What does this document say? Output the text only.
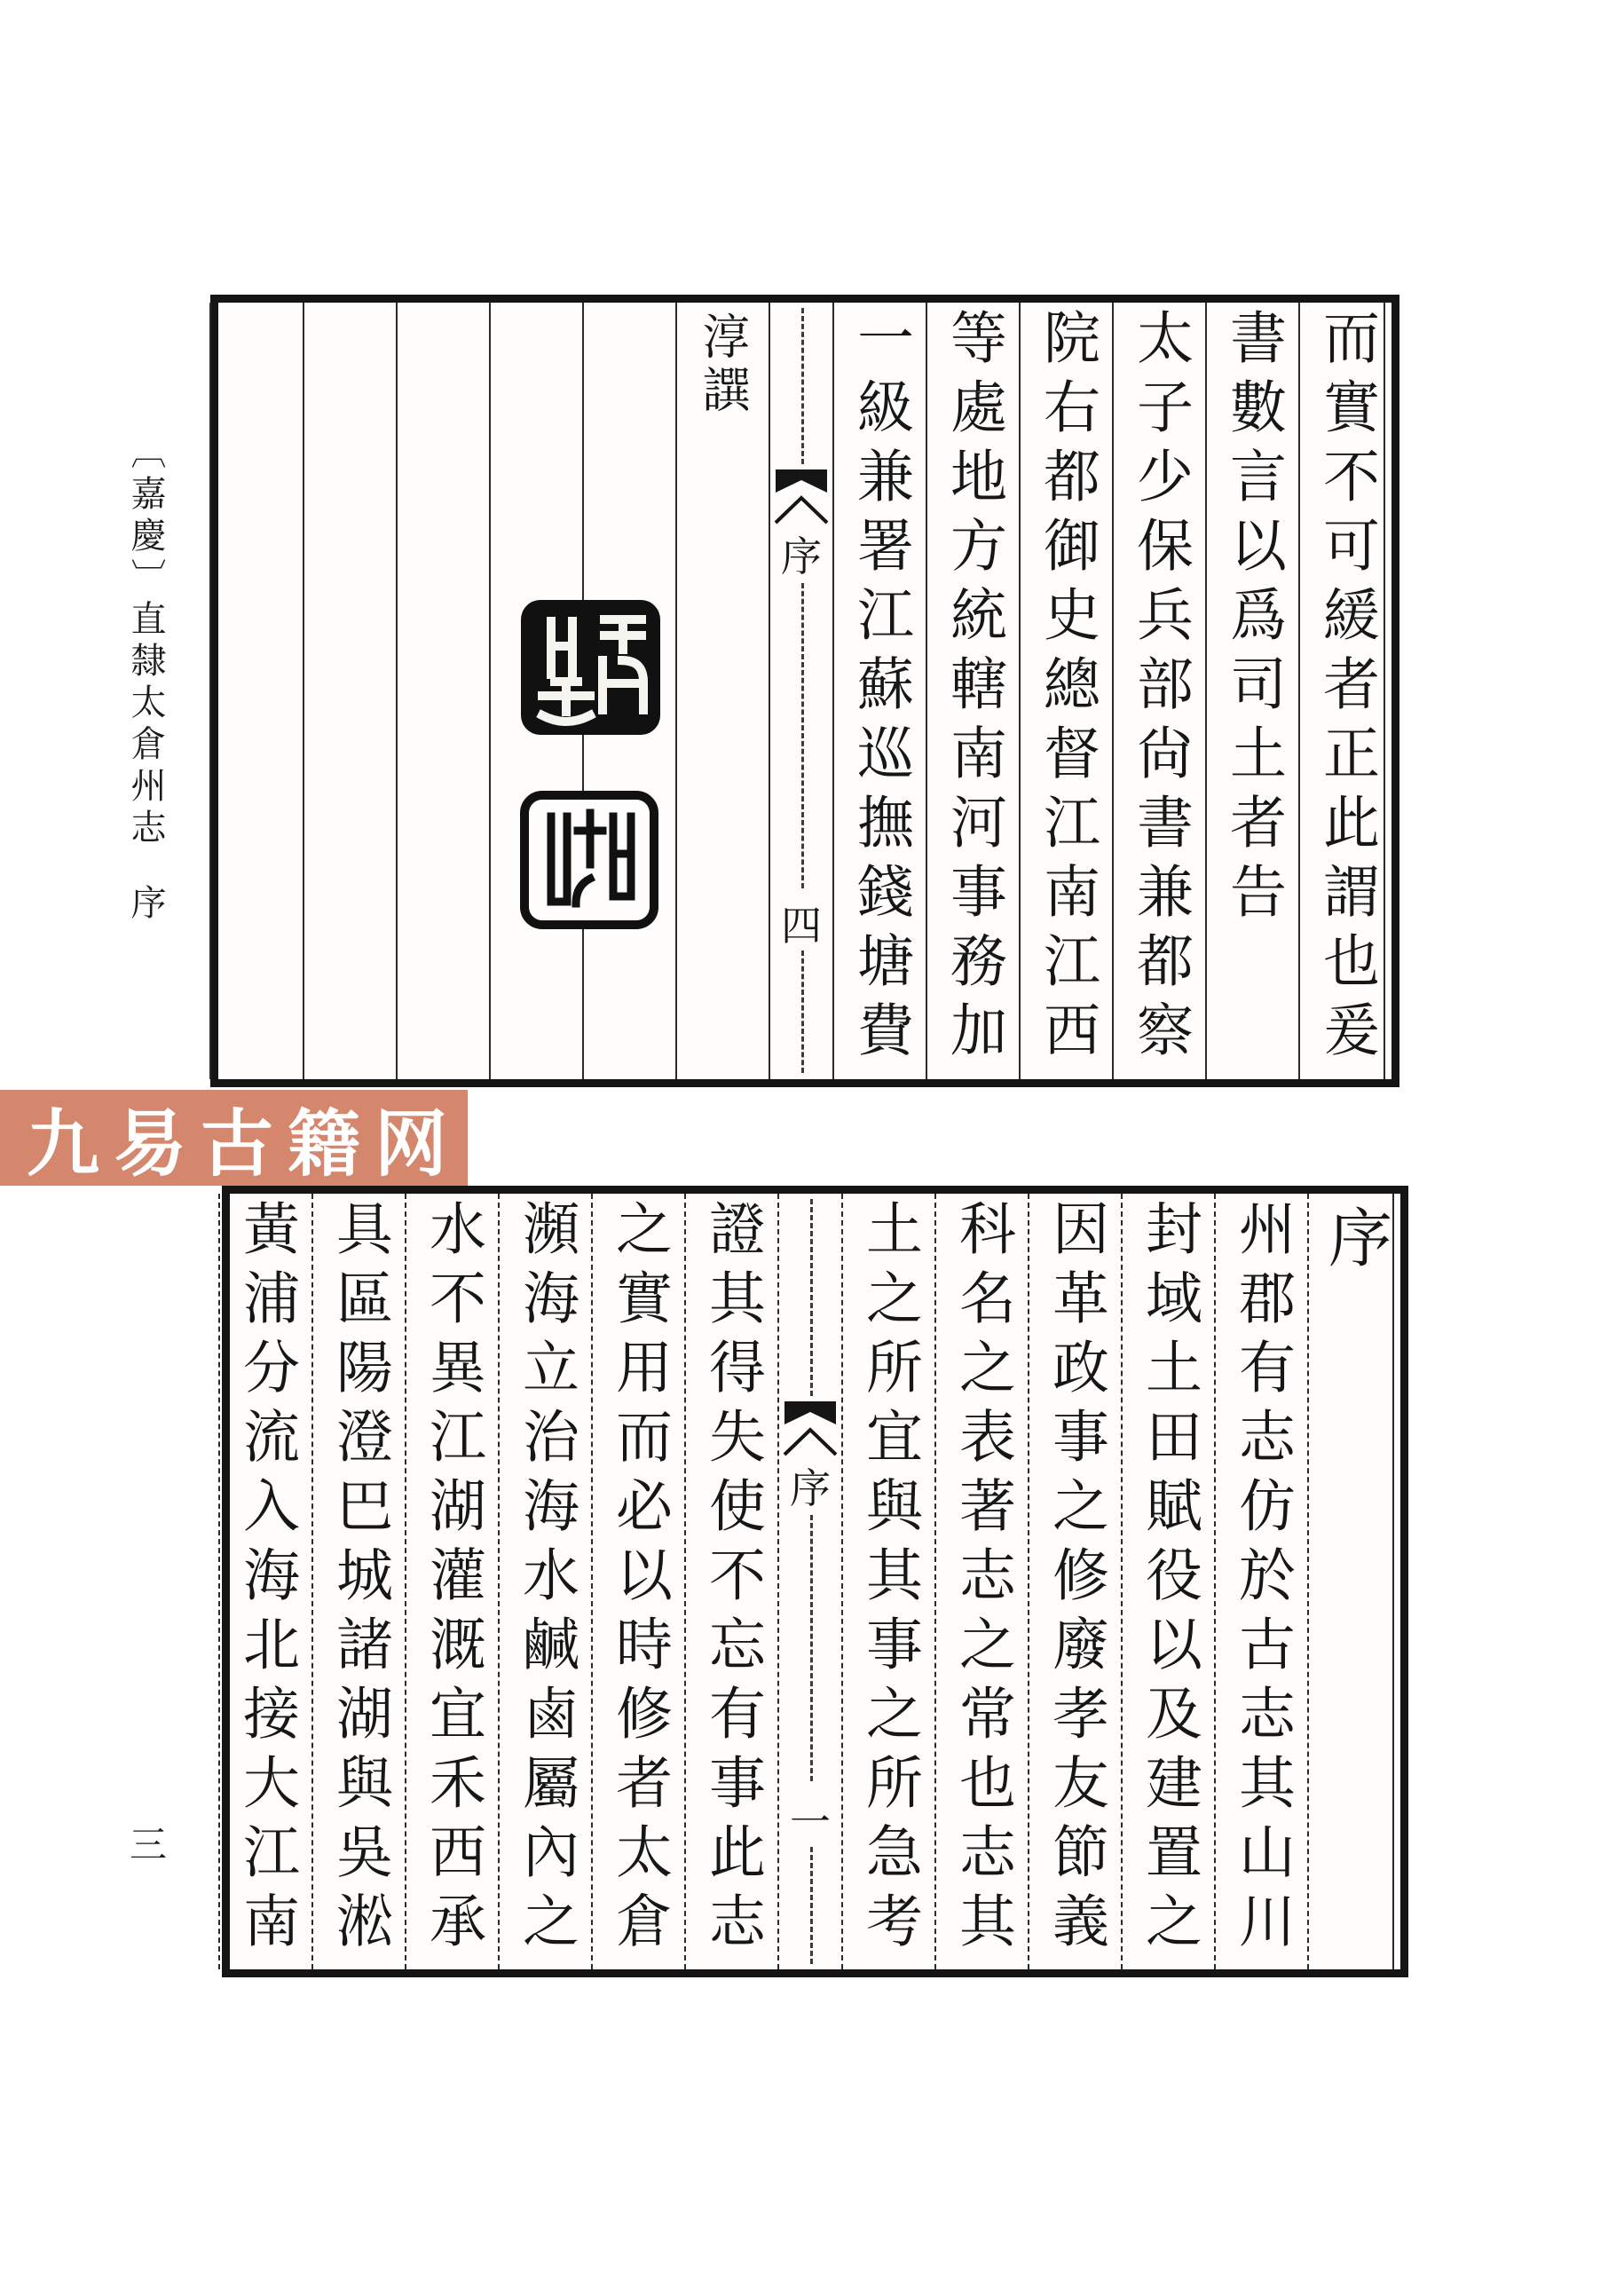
而實不可緩者正此謂也爰
書數言以爲司土者告
太子少保兵部尙書兼都察
院右都御史總督江南江西
等處地方統轄南河事務加
一級兼署江蘇巡撫錢塘費
序
四
淳譔
序
州郡有志仿於古志其山川
封域土田賦役以及建置之
因革政事之修廢孝友節義
科名之表著志之常也志其
土之所宜與其事之所急考
序
一
證其得失使不忘有事此志
之實用而必以時修者太倉
瀕海立治海水鹹鹵屬內之
水不異江湖灌溉宜禾西承
具區陽澄巴城諸湖與吳淞
黃浦分流入海北接大江南
九易古籍网
〔嘉慶〕直隸太倉州志序
三
